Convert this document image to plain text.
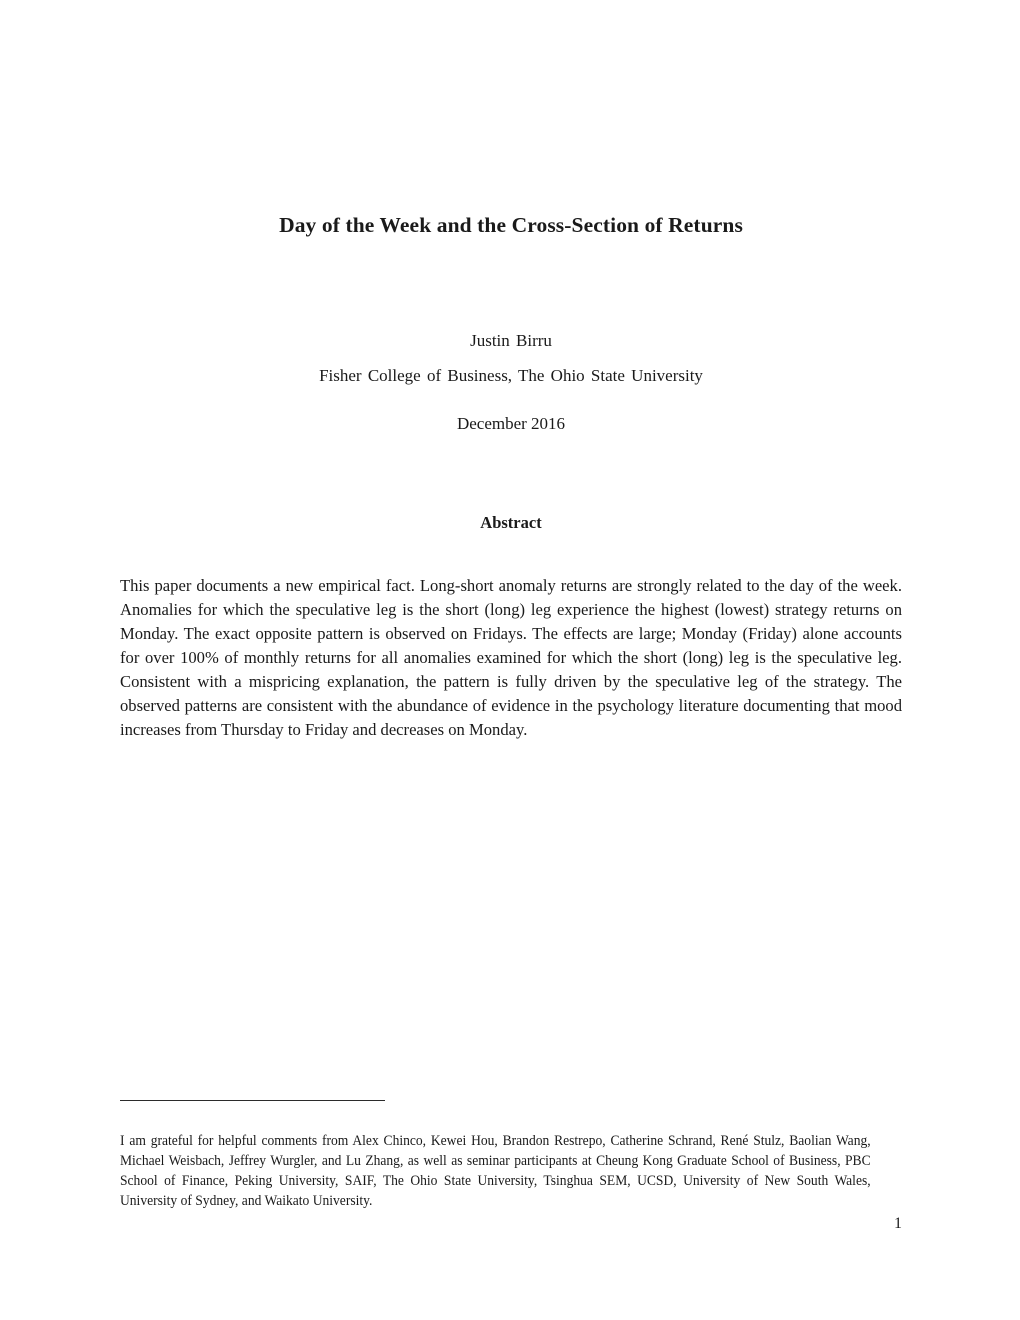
Day of the Week and the Cross-Section of Returns
Justin Birru
Fisher College of Business, The Ohio State University
December 2016
Abstract

This paper documents a new empirical fact. Long-short anomaly returns are strongly related to the day of the week. Anomalies for which the speculative leg is the short (long) leg experience the highest (lowest) strategy returns on Monday. The exact opposite pattern is observed on Fridays. The effects are large; Monday (Friday) alone accounts for over 100% of monthly returns for all anomalies examined for which the short (long) leg is the speculative leg. Consistent with a mispricing explanation, the pattern is fully driven by the speculative leg of the strategy. The observed patterns are consistent with the abundance of evidence in the psychology literature documenting that mood increases from Thursday to Friday and decreases on Monday.

I am grateful for helpful comments from Alex Chinco, Kewei Hou, Brandon Restrepo, Catherine Schrand, René Stulz, Baolian Wang, Michael Weisbach, Jeffrey Wurgler, and Lu Zhang, as well as seminar participants at Cheung Kong Graduate School of Business, PBC School of Finance, Peking University, SAIF, The Ohio State University, Tsinghua SEM, UCSD, University of New South Wales, University of Sydney, and Waikato University.

1
